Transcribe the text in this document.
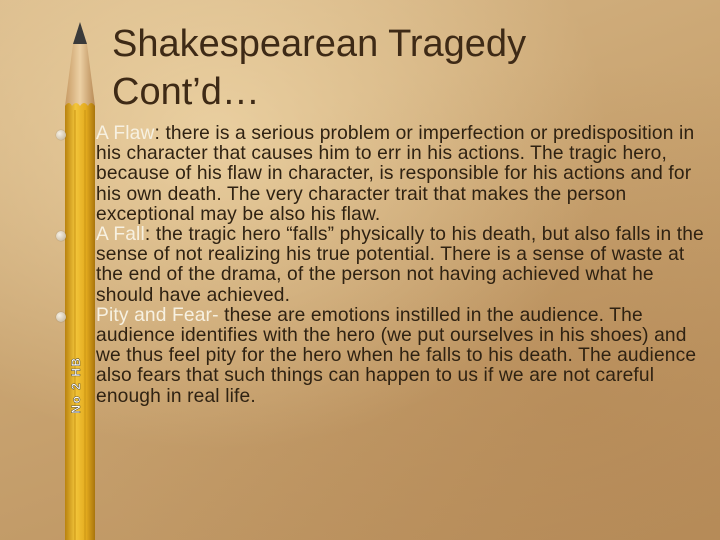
No 2 HB
Shakespearean Tragedy Cont’d…
A Flaw: there is a serious problem or imperfection or predisposition in his character that causes him to err in his actions. The tragic hero, because of his flaw in character, is responsible for his actions and for his own death. The very character trait that makes the person exceptional may be also his flaw.
A Fall: the tragic hero “falls” physically to his death, but also falls in the sense of not realizing his true potential. There is a sense of waste at the end of the drama, of the person not having achieved what he should have achieved.
Pity and Fear- these are emotions instilled in the audience. The audience identifies with the hero (we put ourselves in his shoes) and we thus feel pity for the hero when he falls to his death. The audience also fears that such things can happen to us if we are not careful enough in real life.
